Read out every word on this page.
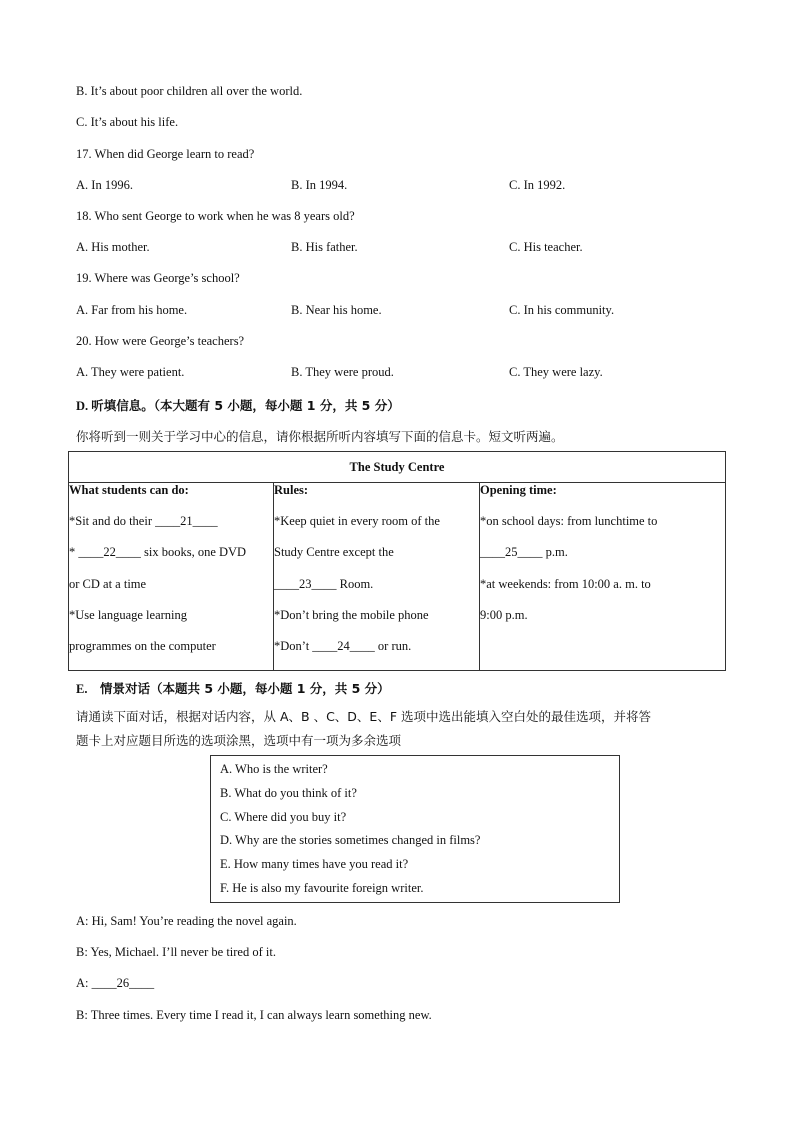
B. It’s about poor children all over the world.
C. It’s about his life.
17. When did George learn to read?
A. In 1996.	B. In 1994.	C. In 1992.
18. Who sent George to work when he was 8 years old?
A. His mother.	B. His father.	C. His teacher.
19. Where was George’s school?
A. Far from his home.	B. Near his home.	C. In his community.
20. How were George’s teachers?
A. They were patient.	B. They were proud.	C. They were lazy.
D. 听填信息。（本大题有 5 小题，每小题 1 分，共 5 分）
你将听到一则关于学习中心的信息，请你根据所听内容填写下面的信息卡。短文听两遍。
The Study Centre

What students can do:
*Sit and do their ____21____
* ____22____ six books, one DVD
or CD at a time
*Use language learning
programmes on the computer

Rules:
*Keep quiet in every room of the
Study Centre except the
____23____ Room.
*Don’t bring the mobile phone
*Don’t ____24____ or run.

Opening time:
*on school days: from lunchtime to
____25____ p.m.
*at weekends: from 10:00 a. m. to
9:00 p.m.
E. 情景对话（本题共 5 小题，每小题 1 分，共 5 分）
请通读下面对话，根据对话内容，从 A、B 、C、D、E、F 选项中选出能填入空白处的最佳选项，并将答
题卡上对应题目所选的选项涂黑，选项中有一项为多余选项
A. Who is the writer?
B. What do you think of it?
C. Where did you buy it?
D. Why are the stories sometimes changed in films?
E. How many times have you read it?
F. He is also my favourite foreign writer.
A: Hi, Sam! You’re reading the novel again.
B: Yes, Michael. I’ll never be tired of it.
A: ____26____
B: Three times. Every time I read it, I can always learn something new.
